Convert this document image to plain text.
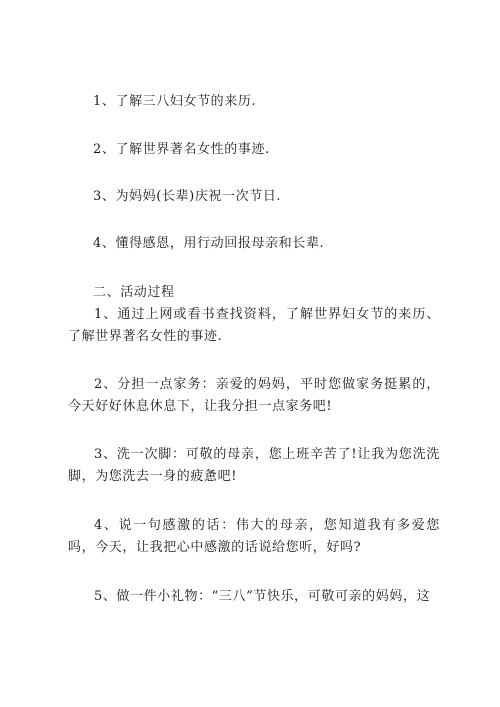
1、了解三八妇女节的来历.
2、了解世界著名女性的事迹.
3、为妈妈(长辈)庆祝一次节日.
4、懂得感恩，用行动回报母亲和长辈.
二、活动过程
1、通过上网或看书查找资料，了解世界妇女节的来历、了解世界著名女性的事迹.
2、分担一点家务：亲爱的妈妈，平时您做家务挺累的，今天好好休息休息下，让我分担一点家务吧!
3、洗一次脚：可敬的母亲，您上班辛苦了!让我为您洗洗脚，为您洗去一身的疲惫吧!
4、说一句感激的话：伟大的母亲，您知道我有多爱您吗，今天，让我把心中感激的话说给您听，好吗?
5、做一件小礼物：“三八”节快乐，可敬可亲的妈妈，这
